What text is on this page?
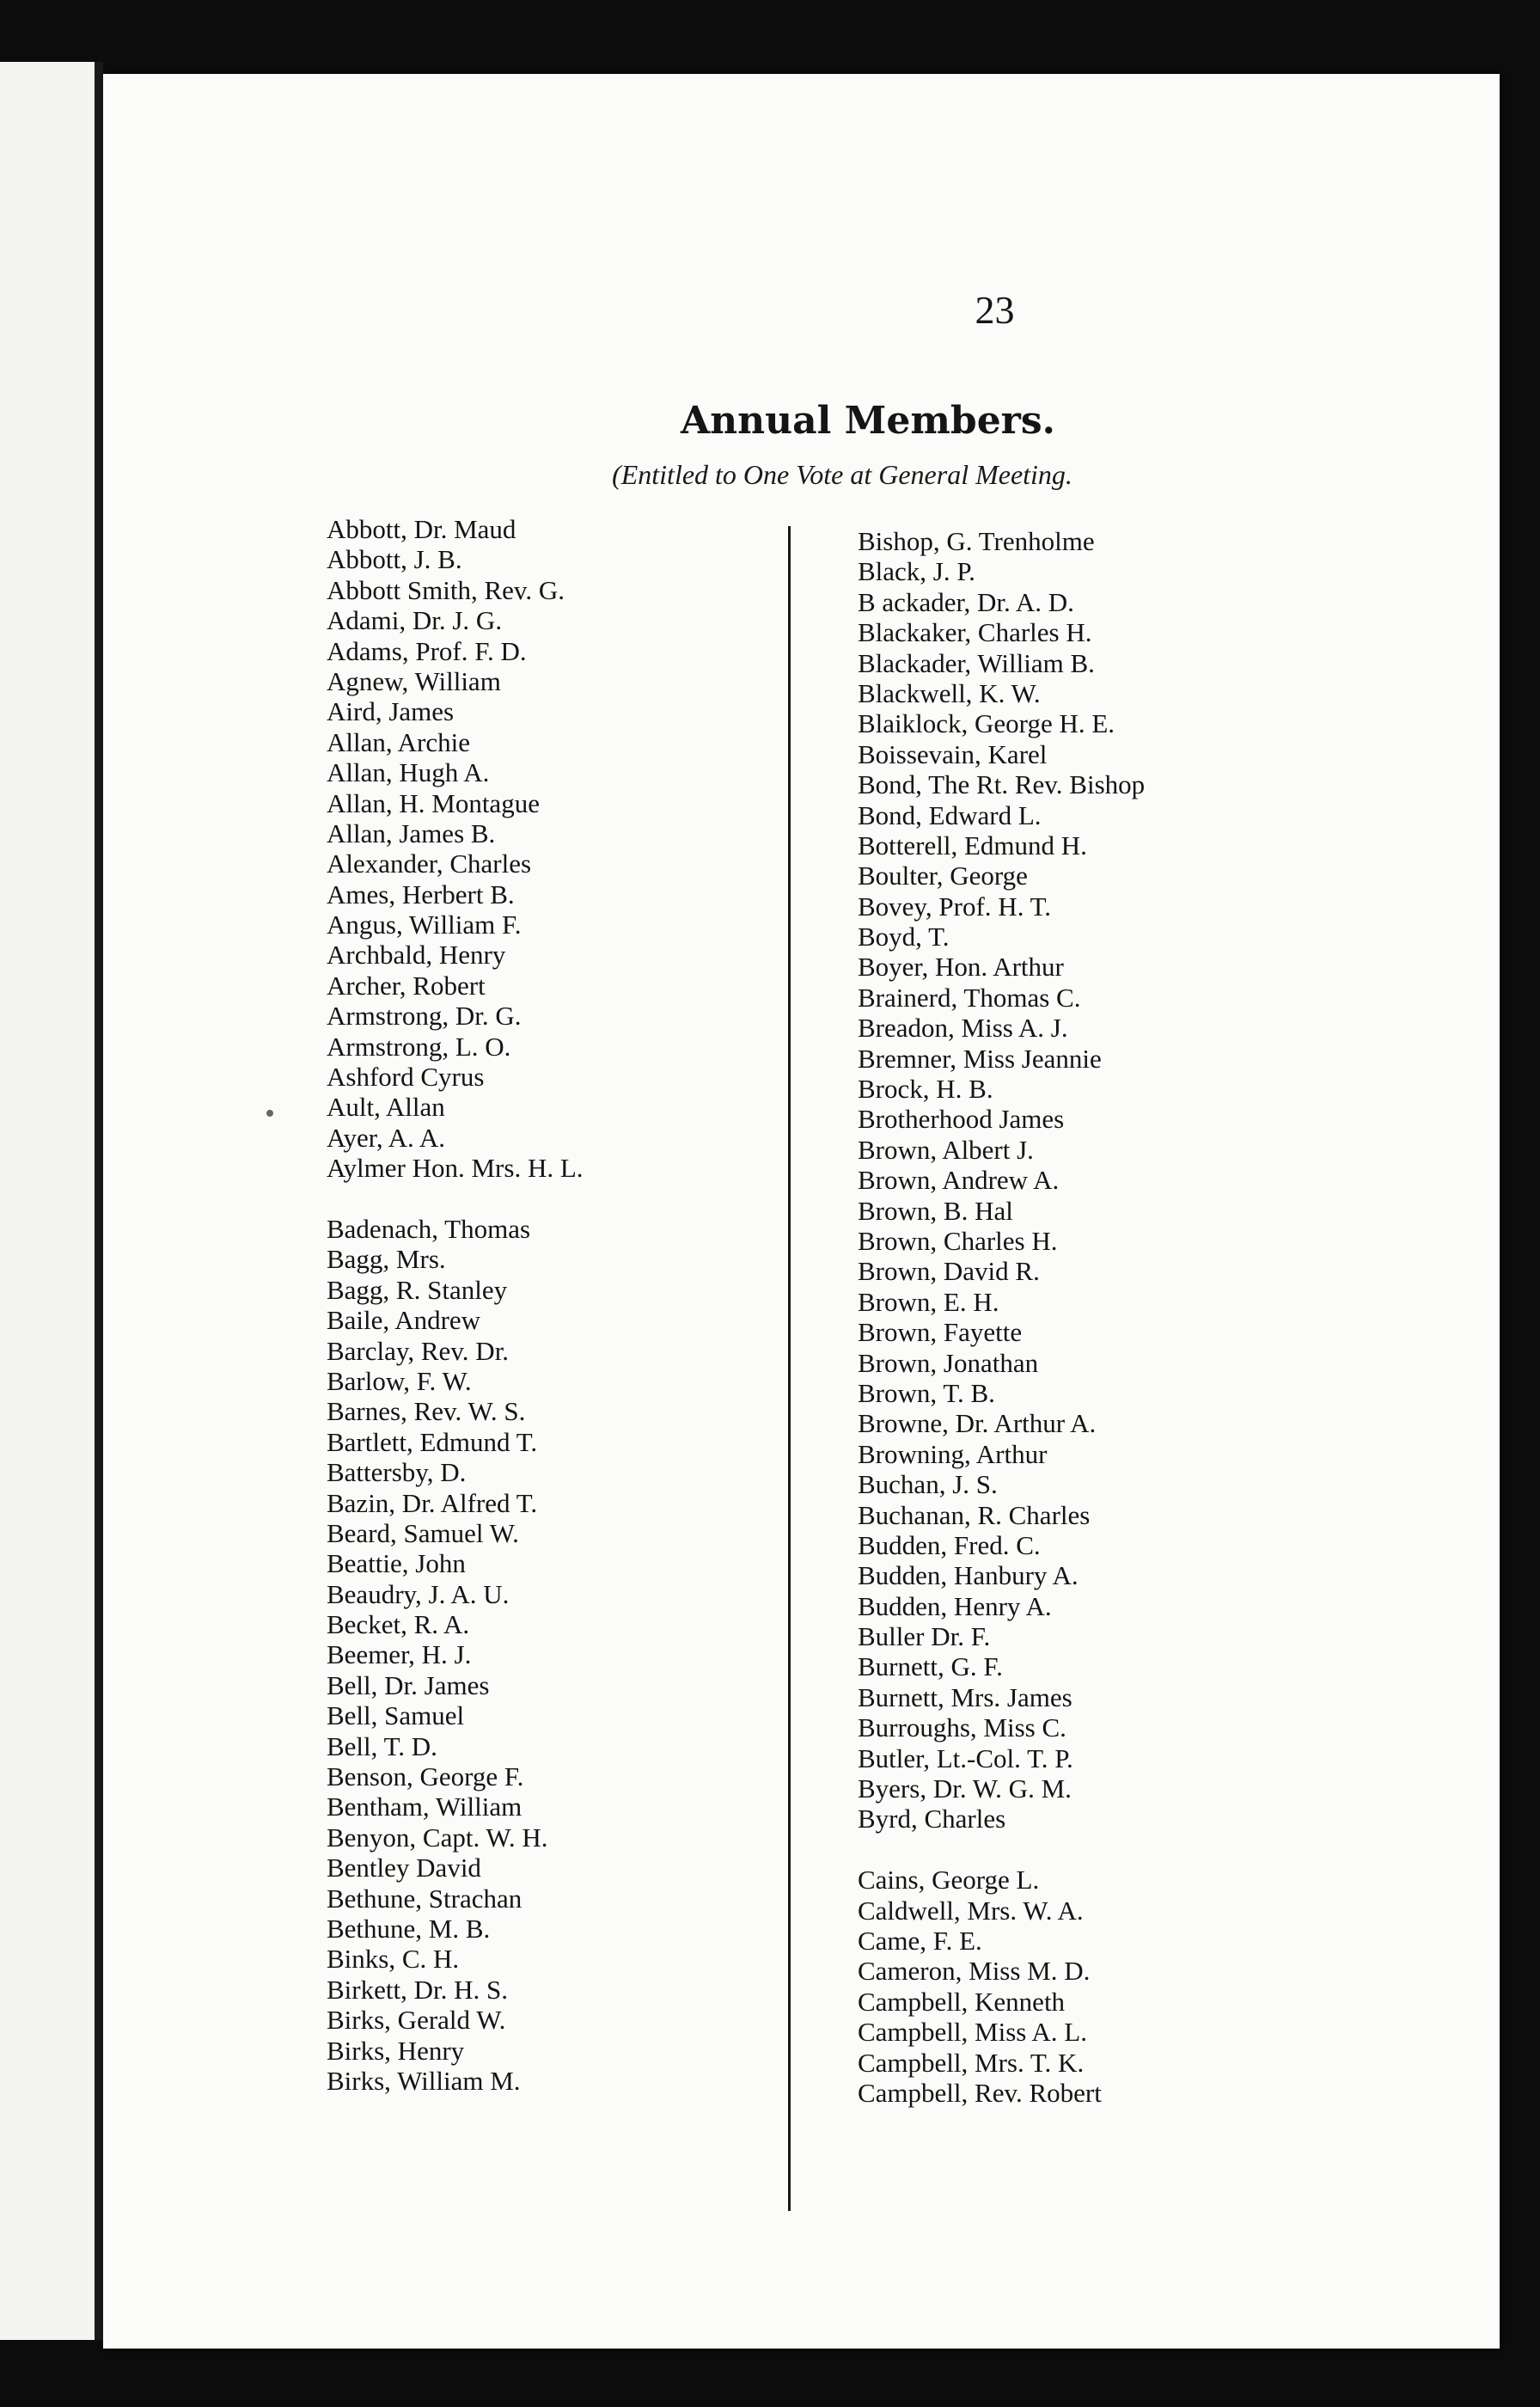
23
Annual Members.
(Entitled to One Vote at General Meeting.
Abbott, Dr. Maud
Abbott, J. B.
Abbott Smith, Rev. G.
Adami, Dr. J. G.
Adams, Prof. F. D.
Agnew, William
Aird, James
Allan, Archie
Allan, Hugh A.
Allan, H. Montague
Allan, James B.
Alexander, Charles
Ames, Herbert B.
Angus, William F.
Archbald, Henry
Archer, Robert
Armstrong, Dr. G.
Armstrong, L. O.
Ashford Cyrus
Ault, Allan
Ayer, A. A.
Aylmer Hon. Mrs. H. L.
Badenach, Thomas
Bagg, Mrs.
Bagg, R. Stanley
Baile, Andrew
Barclay, Rev. Dr.
Barlow, F. W.
Barnes, Rev. W. S.
Bartlett, Edmund T.
Battersby, D.
Bazin, Dr. Alfred T.
Beard, Samuel W.
Beattie, John
Beaudry, J. A. U.
Becket, R. A.
Beemer, H. J.
Bell, Dr. James
Bell, Samuel
Bell, T. D.
Benson, George F.
Bentham, William
Benyon, Capt. W. H.
Bentley David
Bethune, Strachan
Bethune, M. B.
Binks, C. H.
Birkett, Dr. H. S.
Birks, Gerald W.
Birks, Henry
Birks, William M.
Bishop, G. Trenholme
Black, J. P.
B ackader, Dr. A. D.
Blackaker, Charles H.
Blackader, William B.
Blackwell, K. W.
Blaiklock, George H. E.
Boissevain, Karel
Bond, The Rt. Rev. Bishop
Bond, Edward L.
Botterell, Edmund H.
Boulter, George
Bovey, Prof. H. T.
Boyd, T.
Boyer, Hon. Arthur
Brainerd, Thomas C.
Breadon, Miss A. J.
Bremner, Miss Jeannie
Brock, H. B.
Brotherhood James
Brown, Albert J.
Brown, Andrew A.
Brown, B. Hal
Brown, Charles H.
Brown, David R.
Brown, E. H.
Brown, Fayette
Brown, Jonathan
Brown, T. B.
Browne, Dr. Arthur A.
Browning, Arthur
Buchan, J. S.
Buchanan, R. Charles
Budden, Fred. C.
Budden, Hanbury A.
Budden, Henry A.
Buller Dr. F.
Burnett, G. F.
Burnett, Mrs. James
Burroughs, Miss C.
Butler, Lt.-Col. T. P.
Byers, Dr. W. G. M.
Byrd, Charles
Cains, George L.
Caldwell, Mrs. W. A.
Came, F. E.
Cameron, Miss M. D.
Campbell, Kenneth
Campbell, Miss A. L.
Campbell, Mrs. T. K.
Campbell, Rev. Robert
